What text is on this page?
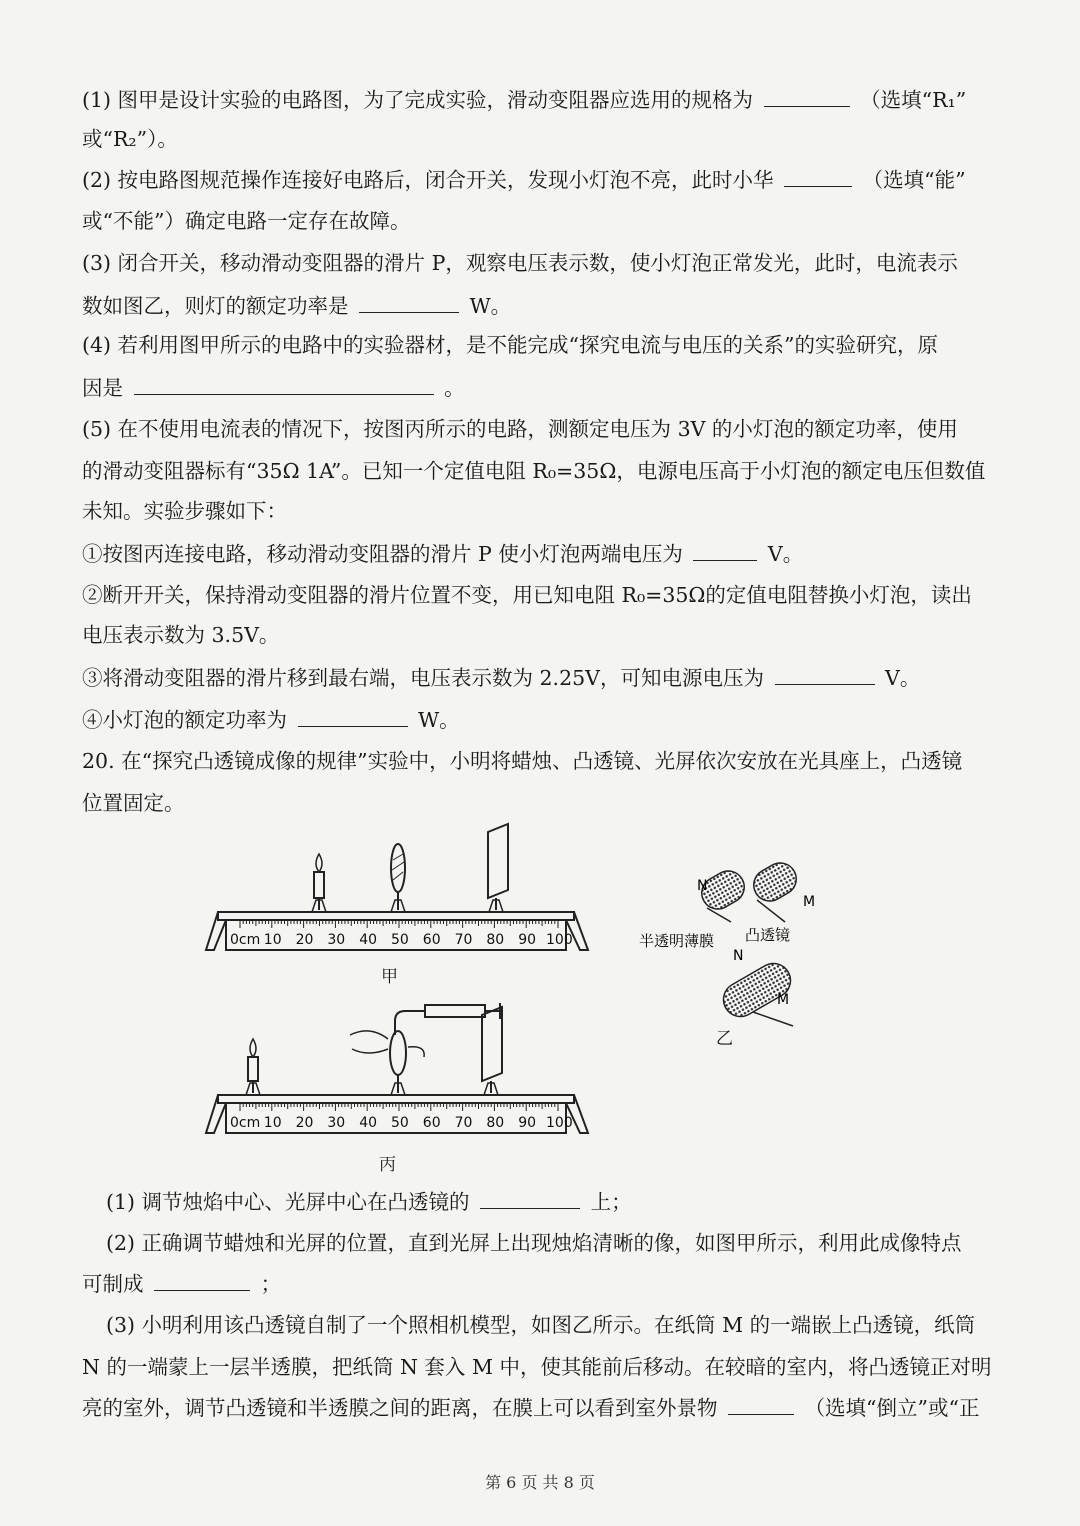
(1) 图甲是设计实验的电路图，为了完成实验，滑动变阻器应选用的规格为	（选填“R₁”
或“R₂”）。
(2) 按电路图规范操作连接好电路后，闭合开关，发现小灯泡不亮，此时小华	（选填“能”
或“不能”）确定电路一定存在故障。
(3) 闭合开关，移动滑动变阻器的滑片 P，观察电压表示数，使小灯泡正常发光，此时，电流表示
数如图乙，则灯的额定功率是	W。
(4) 若利用图甲所示的电路中的实验器材，是不能完成“探究电流与电压的关系”的实验研究，原
因是	。
(5) 在不使用电流表的情况下，按图丙所示的电路，测额定电压为 3V 的小灯泡的额定功率，使用
的滑动变阻器标有“35Ω 1A”。已知一个定值电阻 R₀=35Ω，电源电压高于小灯泡的额定电压但数值
未知。实验步骤如下：
①按图丙连接电路，移动滑动变阻器的滑片 P 使小灯泡两端电压为	V。
②断开开关，保持滑动变阻器的滑片位置不变，用已知电阻 R₀=35Ω的定值电阻替换小灯泡，读出
电压表示数为 3.5V。
③将滑动变阻器的滑片移到最右端，电压表示数为 2.25V，可知电源电压为	V。
④小灯泡的额定功率为	W。
20. 在“探究凸透镜成像的规律”实验中，小明将蜡烛、凸透镜、光屏依次安放在光具座上，凸透镜
位置固定。
0cm 10 20 30 40 50 60 70 80 90 100
甲
0cm 10 20 30 40 50 60 70 80 90 100
丙
N
M
半透明薄膜 凸透镜
N
M
乙
(1) 调节烛焰中心、光屏中心在凸透镜的	上；
(2) 正确调节蜡烛和光屏的位置，直到光屏上出现烛焰清晰的像，如图甲所示，利用此成像特点
可制成	；
(3) 小明利用该凸透镜自制了一个照相机模型，如图乙所示。在纸筒 M 的一端嵌上凸透镜，纸筒
N 的一端蒙上一层半透膜，把纸筒 N 套入 M 中，使其能前后移动。在较暗的室内，将凸透镜正对明
亮的室外，调节凸透镜和半透膜之间的距离，在膜上可以看到室外景物	（选填“倒立”或“正
第 6 页 共 8 页
